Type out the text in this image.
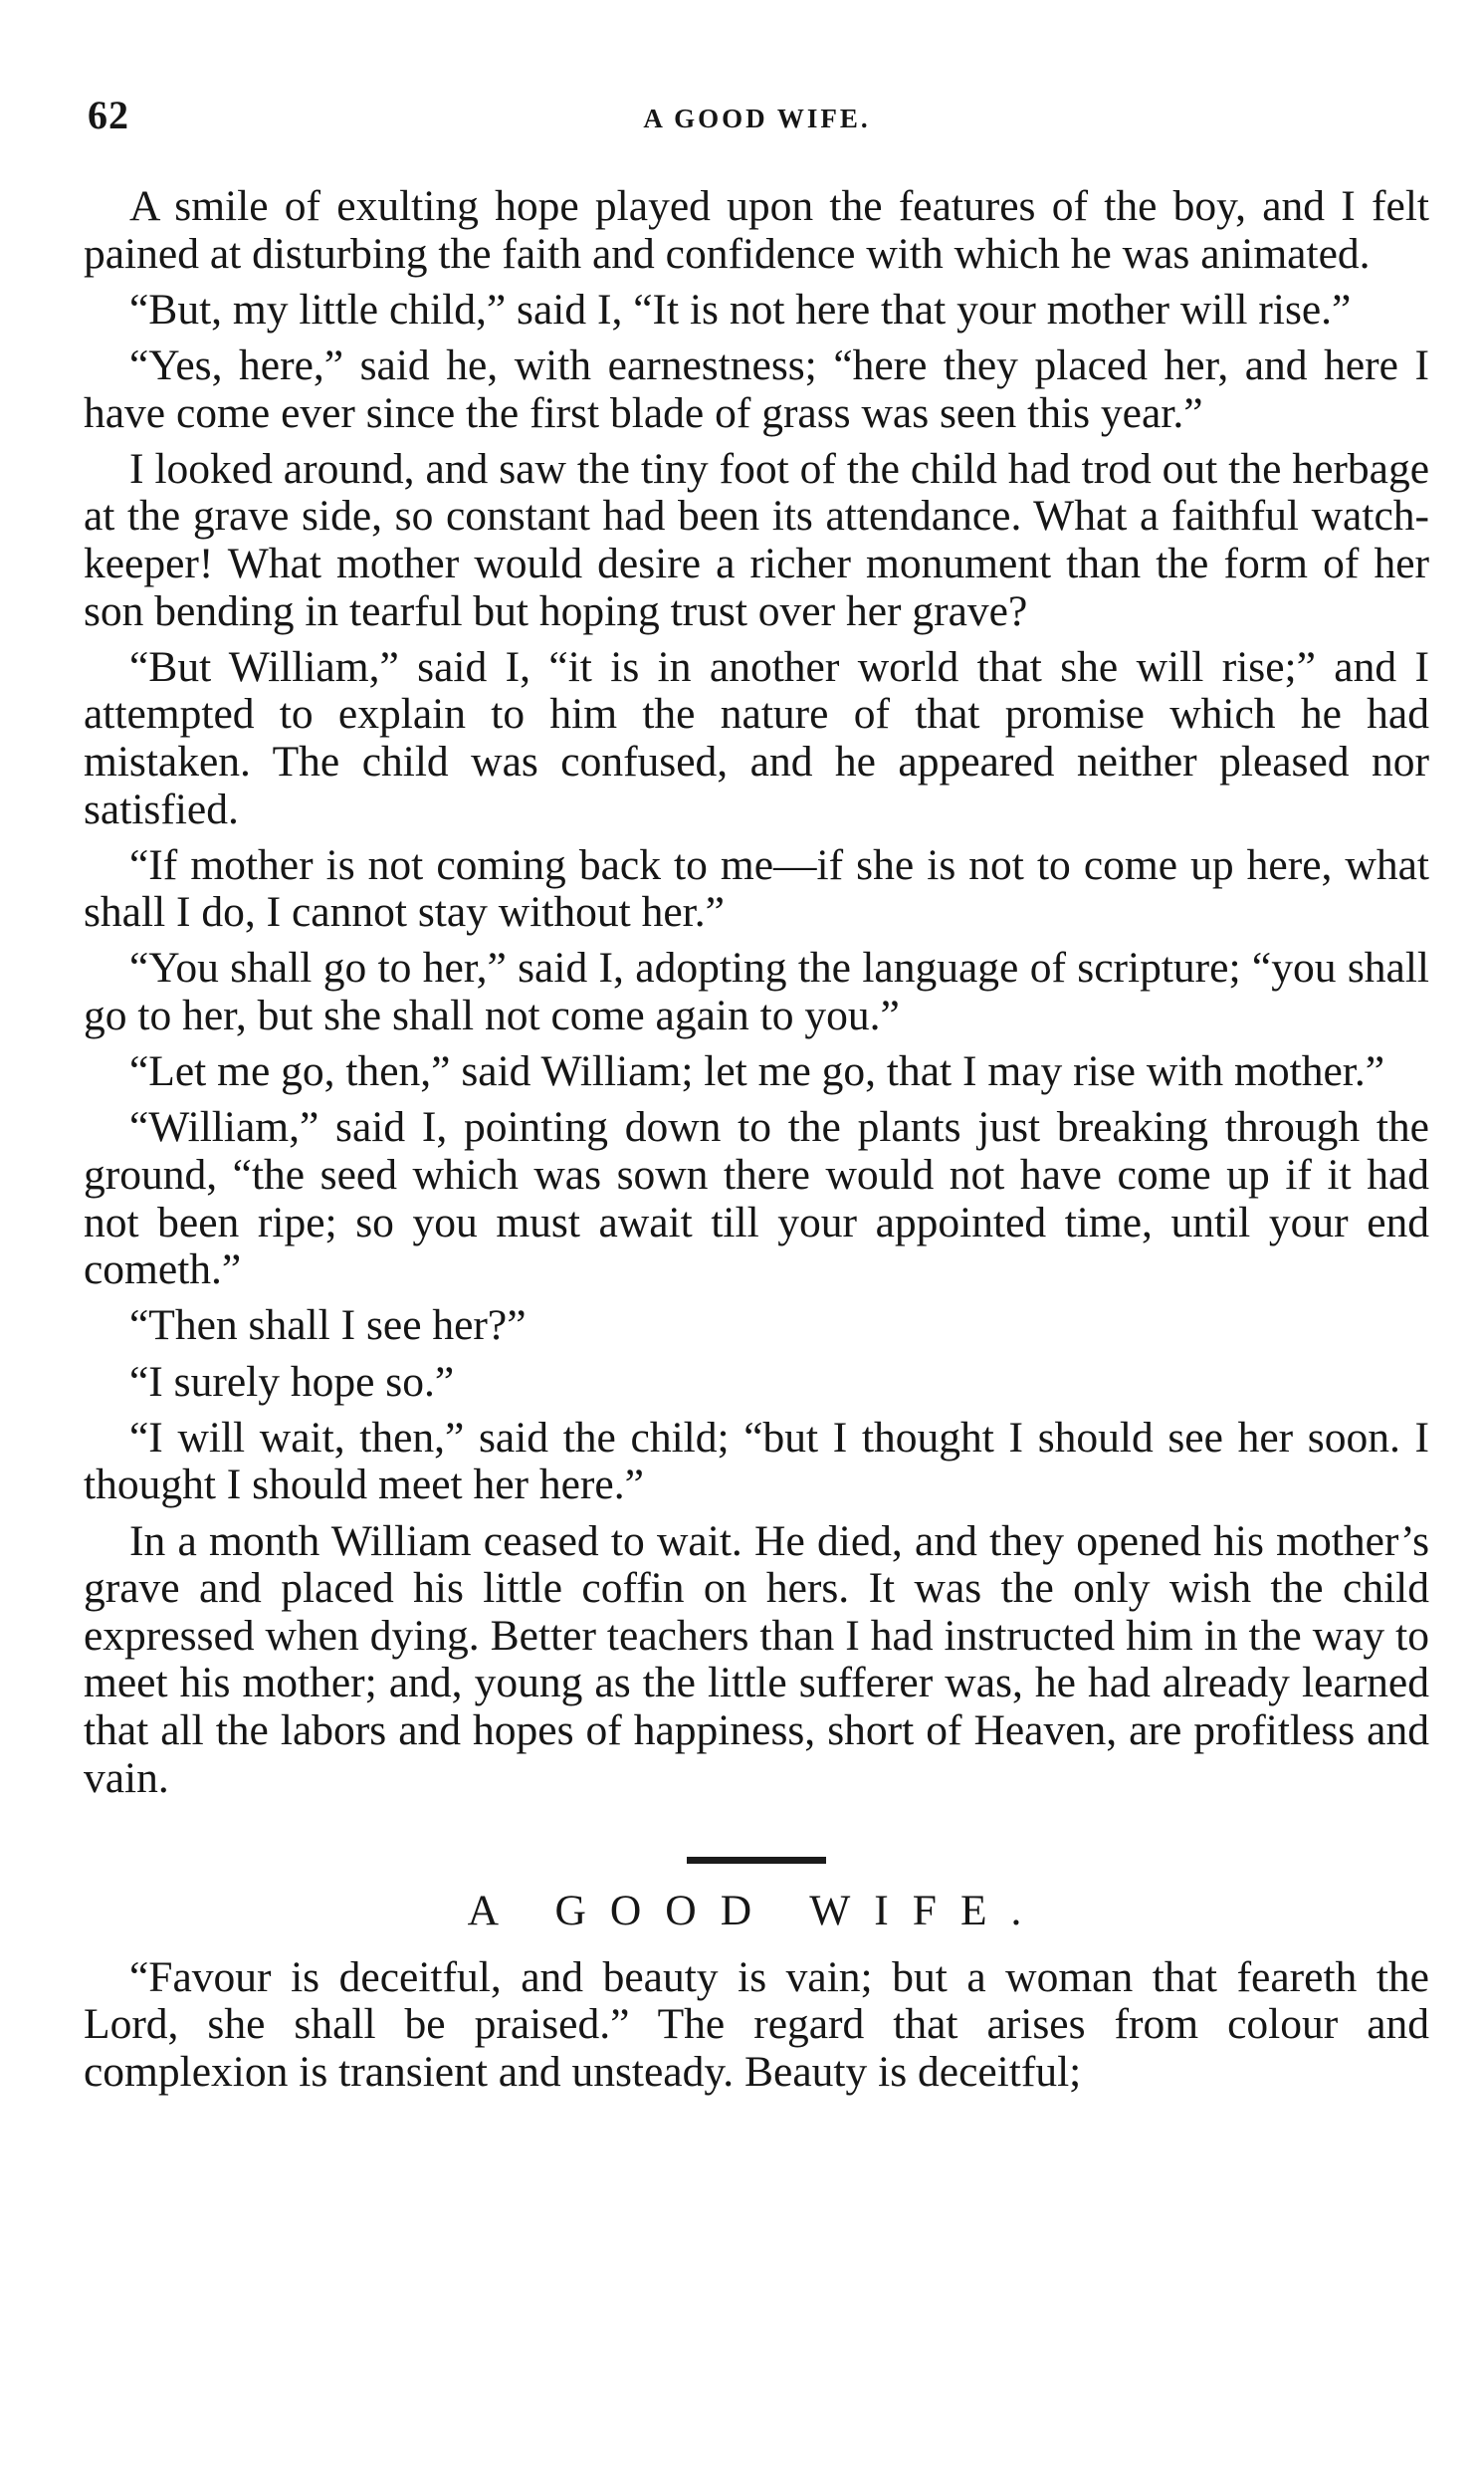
62	A GOOD WIFE.

A smile of exulting hope played upon the features of the boy, and I felt pained at disturbing the faith and confidence with which he was animated.

“But, my little child,” said I, “It is not here that your mother will rise.”

“Yes, here,” said he, with earnestness; “here they placed her, and here I have come ever since the first blade of grass was seen this year.”

I looked around, and saw the tiny foot of the child had trod out the herbage at the grave side, so constant had been its attendance. What a faithful watch-keeper! What mother would desire a richer monument than the form of her son bending in tearful but hoping trust over her grave?

“But William,” said I, “it is in another world that she will rise;” and I attempted to explain to him the nature of that promise which he had mistaken. The child was confused, and he appeared neither pleased nor satisfied.

“If mother is not coming back to me—if she is not to come up here, what shall I do, I cannot stay without her.”

“You shall go to her,” said I, adopting the language of scripture; “you shall go to her, but she shall not come again to you.”

“Let me go, then,” said William; let me go, that I may rise with mother.”

“William,” said I, pointing down to the plants just breaking through the ground, “the seed which was sown there would not have come up if it had not been ripe; so you must await till your appointed time, until your end cometh.”

“Then shall I see her?”

“I surely hope so.”

“I will wait, then,” said the child; “but I thought I should see her soon. I thought I should meet her here.”

In a month William ceased to wait. He died, and they opened his mother’s grave and placed his little coffin on hers. It was the only wish the child expressed when dying. Better teachers than I had instructed him in the way to meet his mother; and, young as the little sufferer was, he had already learned that all the labors and hopes of happiness, short of Heaven, are profitless and vain.

A GOOD WIFE.

“Favour is deceitful, and beauty is vain; but a woman that feareth the Lord, she shall be praised.” The regard that arises from colour and complexion is transient and unsteady. Beauty is deceitful;
